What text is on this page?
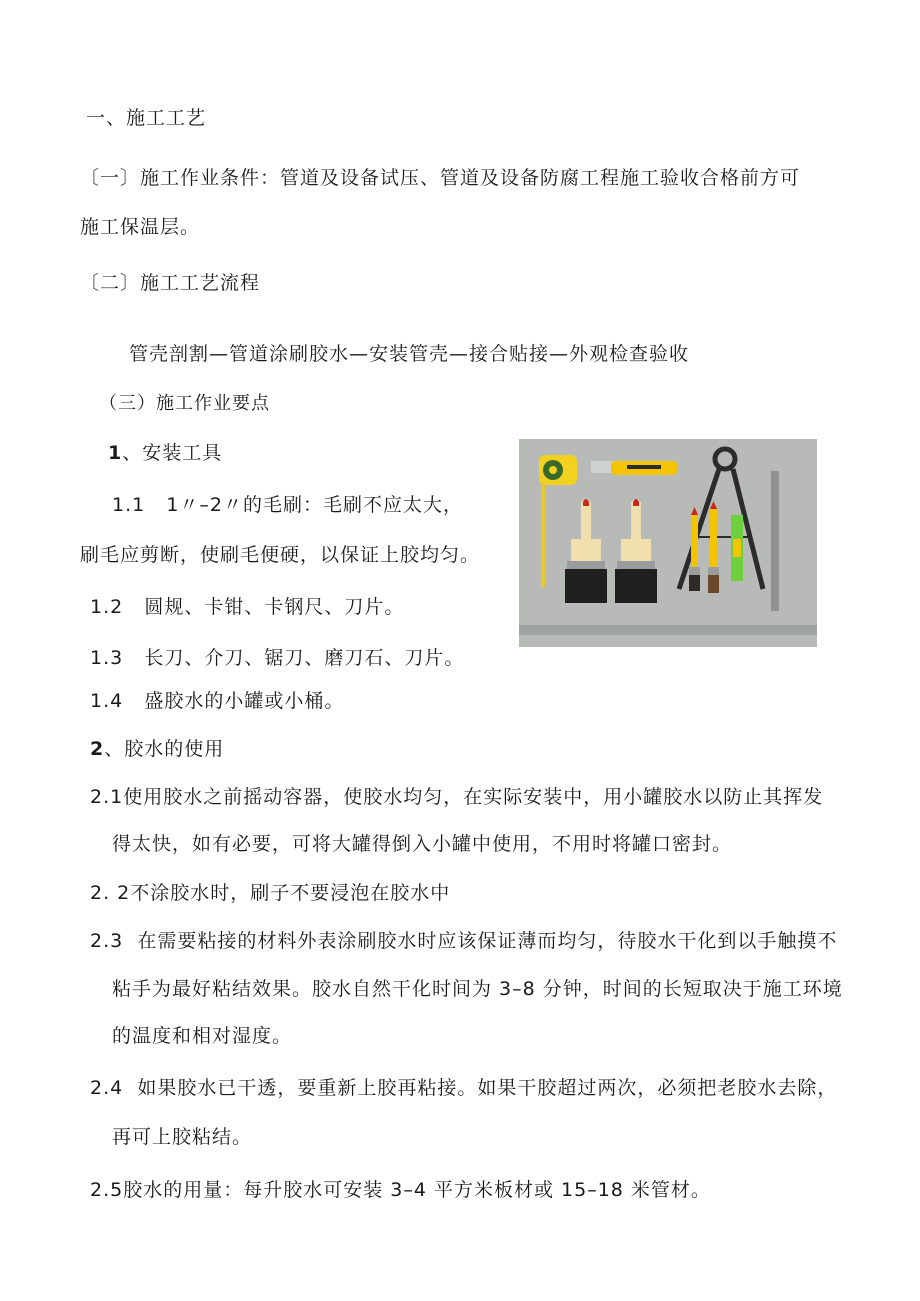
一、施工工艺
〔一〕施工作业条件：管道及设备试压、管道及设备防腐工程施工验收合格前方可
施工保温层。
〔二〕施工工艺流程
管壳剖割—管道涂刷胶水—安装管壳—接合贴接—外观检查验收
（三）施工作业要点
1、安装工具
1.1 1〃–2〃的毛刷：毛刷不应太大，
刷毛应剪断，使刷毛便硬，以保证上胶均匀。
1.2 圆规、卡钳、卡钢尺、刀片。
1.3 长刀、介刀、锯刀、磨刀石、刀片。
1.4 盛胶水的小罐或小桶。
2、胶水的使用
2.1使用胶水之前摇动容器，使胶水均匀，在实际安装中，用小罐胶水以防止其挥发
得太快，如有必要，可将大罐得倒入小罐中使用，不用时将罐口密封。
2. 2不涂胶水时，刷子不要浸泡在胶水中
2.3 在需要粘接的材料外表涂刷胶水时应该保证薄而均匀，待胶水干化到以手触摸不
粘手为最好粘结效果。胶水自然干化时间为 3–8 分钟，时间的长短取决于施工环境
的温度和相对湿度。
2.4 如果胶水已干透，要重新上胶再粘接。如果干胶超过两次，必须把老胶水去除，
再可上胶粘结。
2.5胶水的用量：每升胶水可安装 3–4 平方米板材或 15–18 米管材。
